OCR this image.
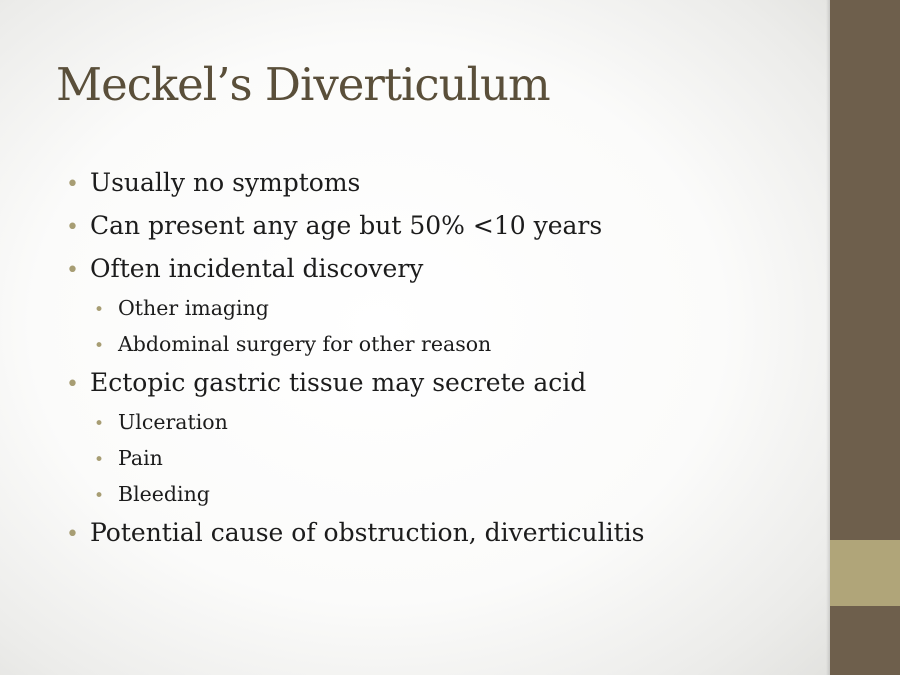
Meckel’s Diverticulum
• Usually no symptoms
• Can present any age but 50% <10 years
• Often incidental discovery
• Other imaging
• Abdominal surgery for other reason
• Ectopic gastric tissue may secrete acid
• Ulceration
• Pain
• Bleeding
• Potential cause of obstruction, diverticulitis
